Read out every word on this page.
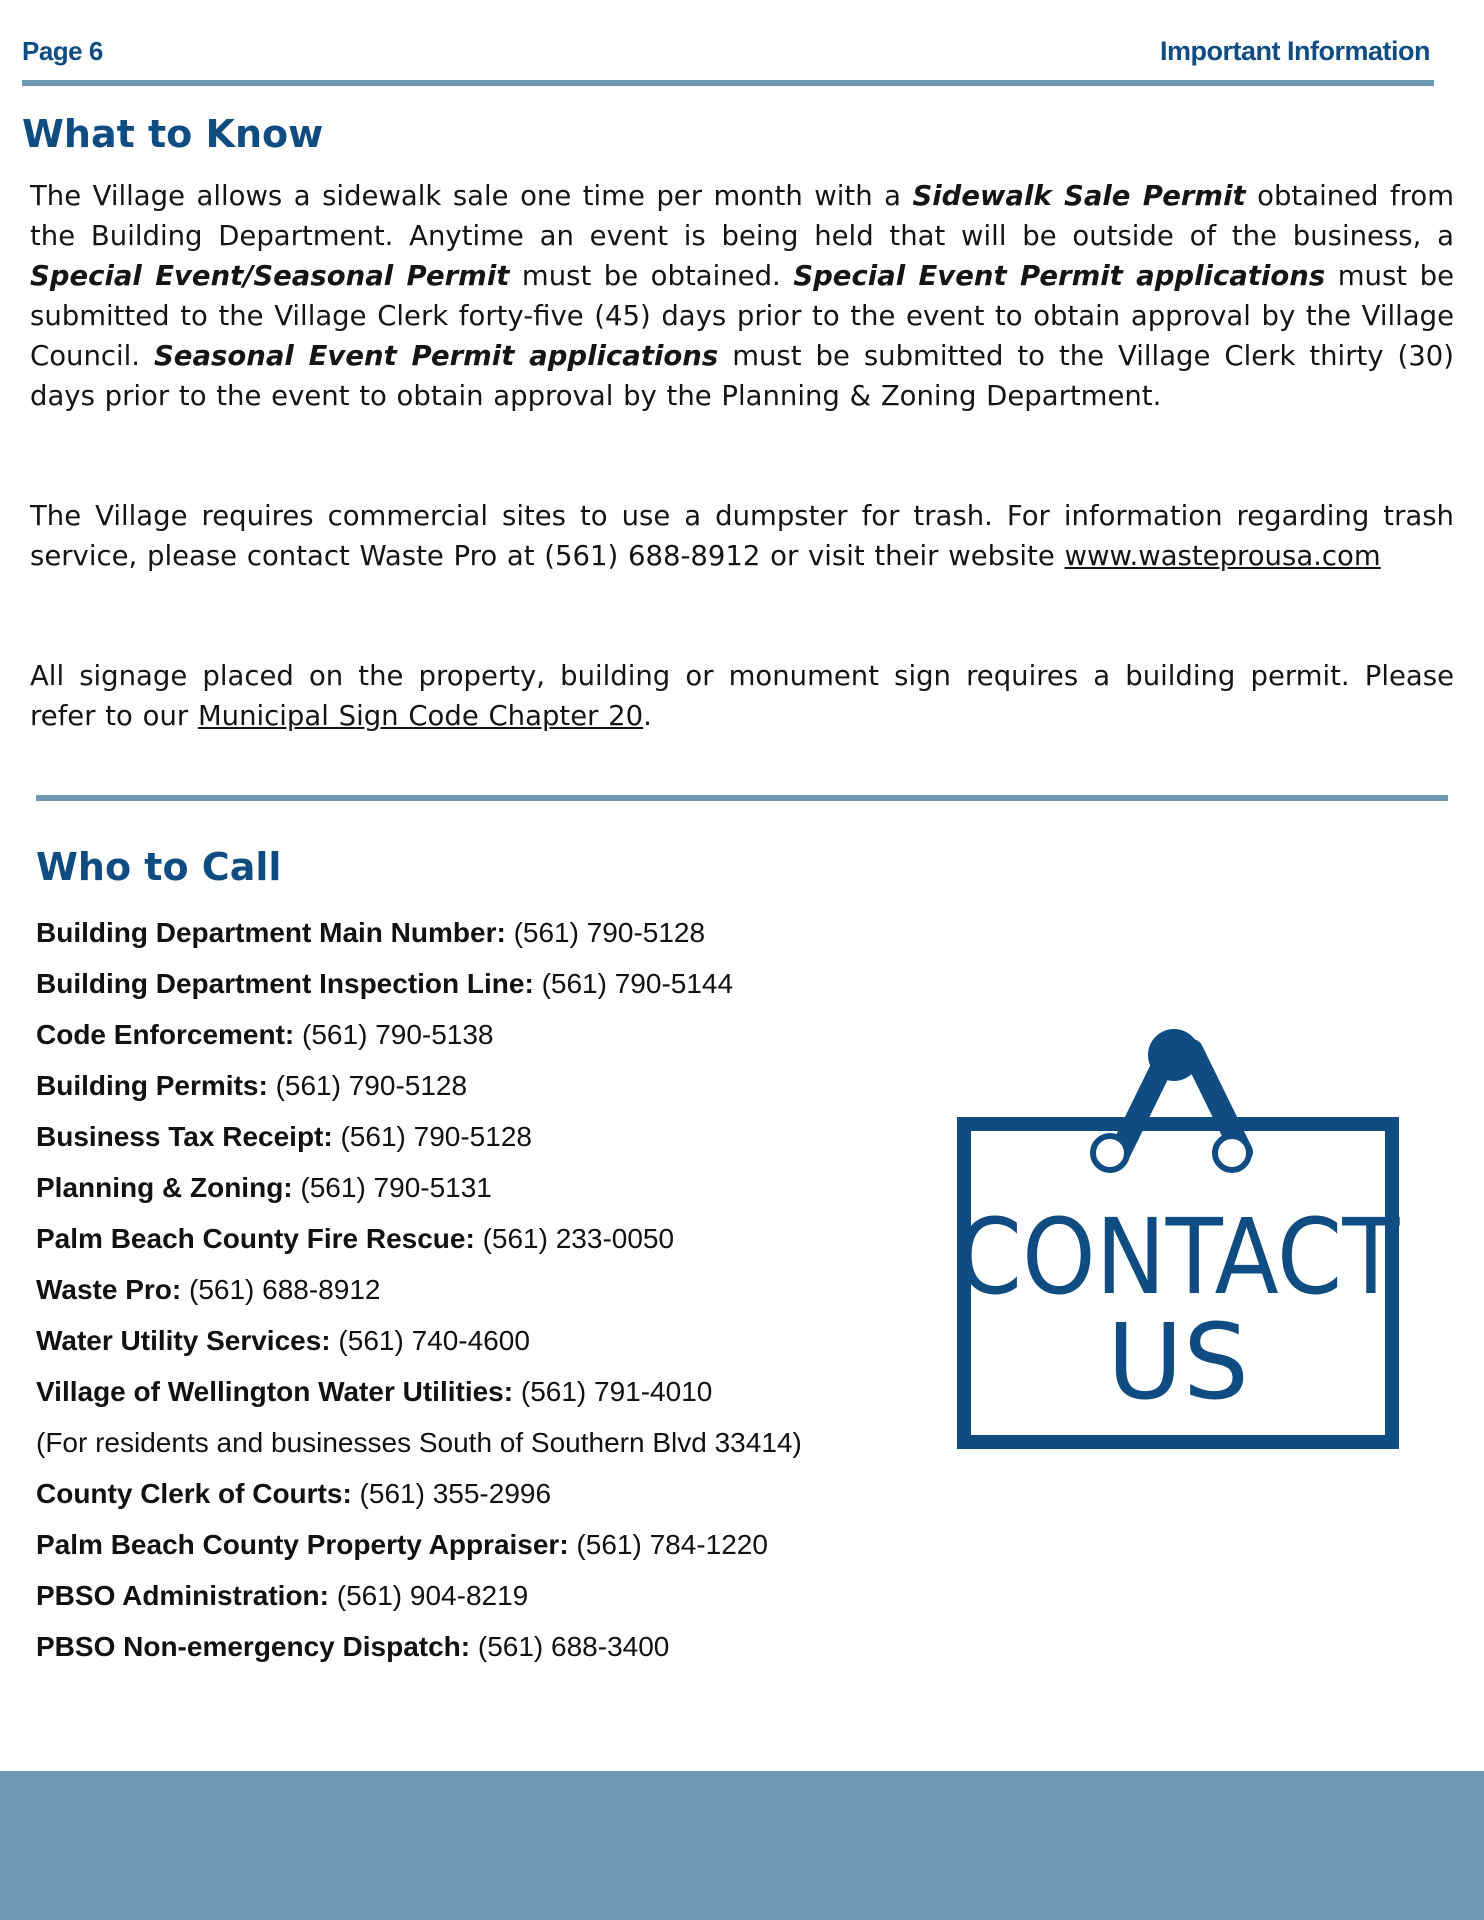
Page 6	Important Information
What to Know

The Village allows a sidewalk sale one time per month with a Sidewalk Sale Permit obtained from the Building Department. Anytime an event is being held that will be outside of the business, a Special Event/Seasonal Permit must be obtained. Special Event Permit applications must be submitted to the Village Clerk forty-five (45) days prior to the event to obtain approval by the Village Council. Seasonal Event Permit applications must be submitted to the Village Clerk thirty (30) days prior to the event to obtain approval by the Planning & Zoning Department.

The Village requires commercial sites to use a dumpster for trash. For information regarding trash service, please contact Waste Pro at (561) 688-8912 or visit their website www.wasteprousa.com

All signage placed on the property, building or monument sign requires a building permit. Please refer to our Municipal Sign Code Chapter 20.

Who to Call
Building Department Main Number: (561) 790-5128
Building Department Inspection Line: (561) 790-5144
Code Enforcement: (561) 790-5138
Building Permits: (561) 790-5128
Business Tax Receipt: (561) 790-5128
Planning & Zoning: (561) 790-5131
Palm Beach County Fire Rescue: (561) 233-0050
Waste Pro: (561) 688-8912
Water Utility Services: (561) 740-4600
Village of Wellington Water Utilities: (561) 791-4010
(For residents and businesses South of Southern Blvd 33414)
County Clerk of Courts: (561) 355-2996
Palm Beach County Property Appraiser: (561) 784-1220
PBSO Administration: (561) 904-8219
PBSO Non-emergency Dispatch: (561) 688-3400
CONTACT
US
